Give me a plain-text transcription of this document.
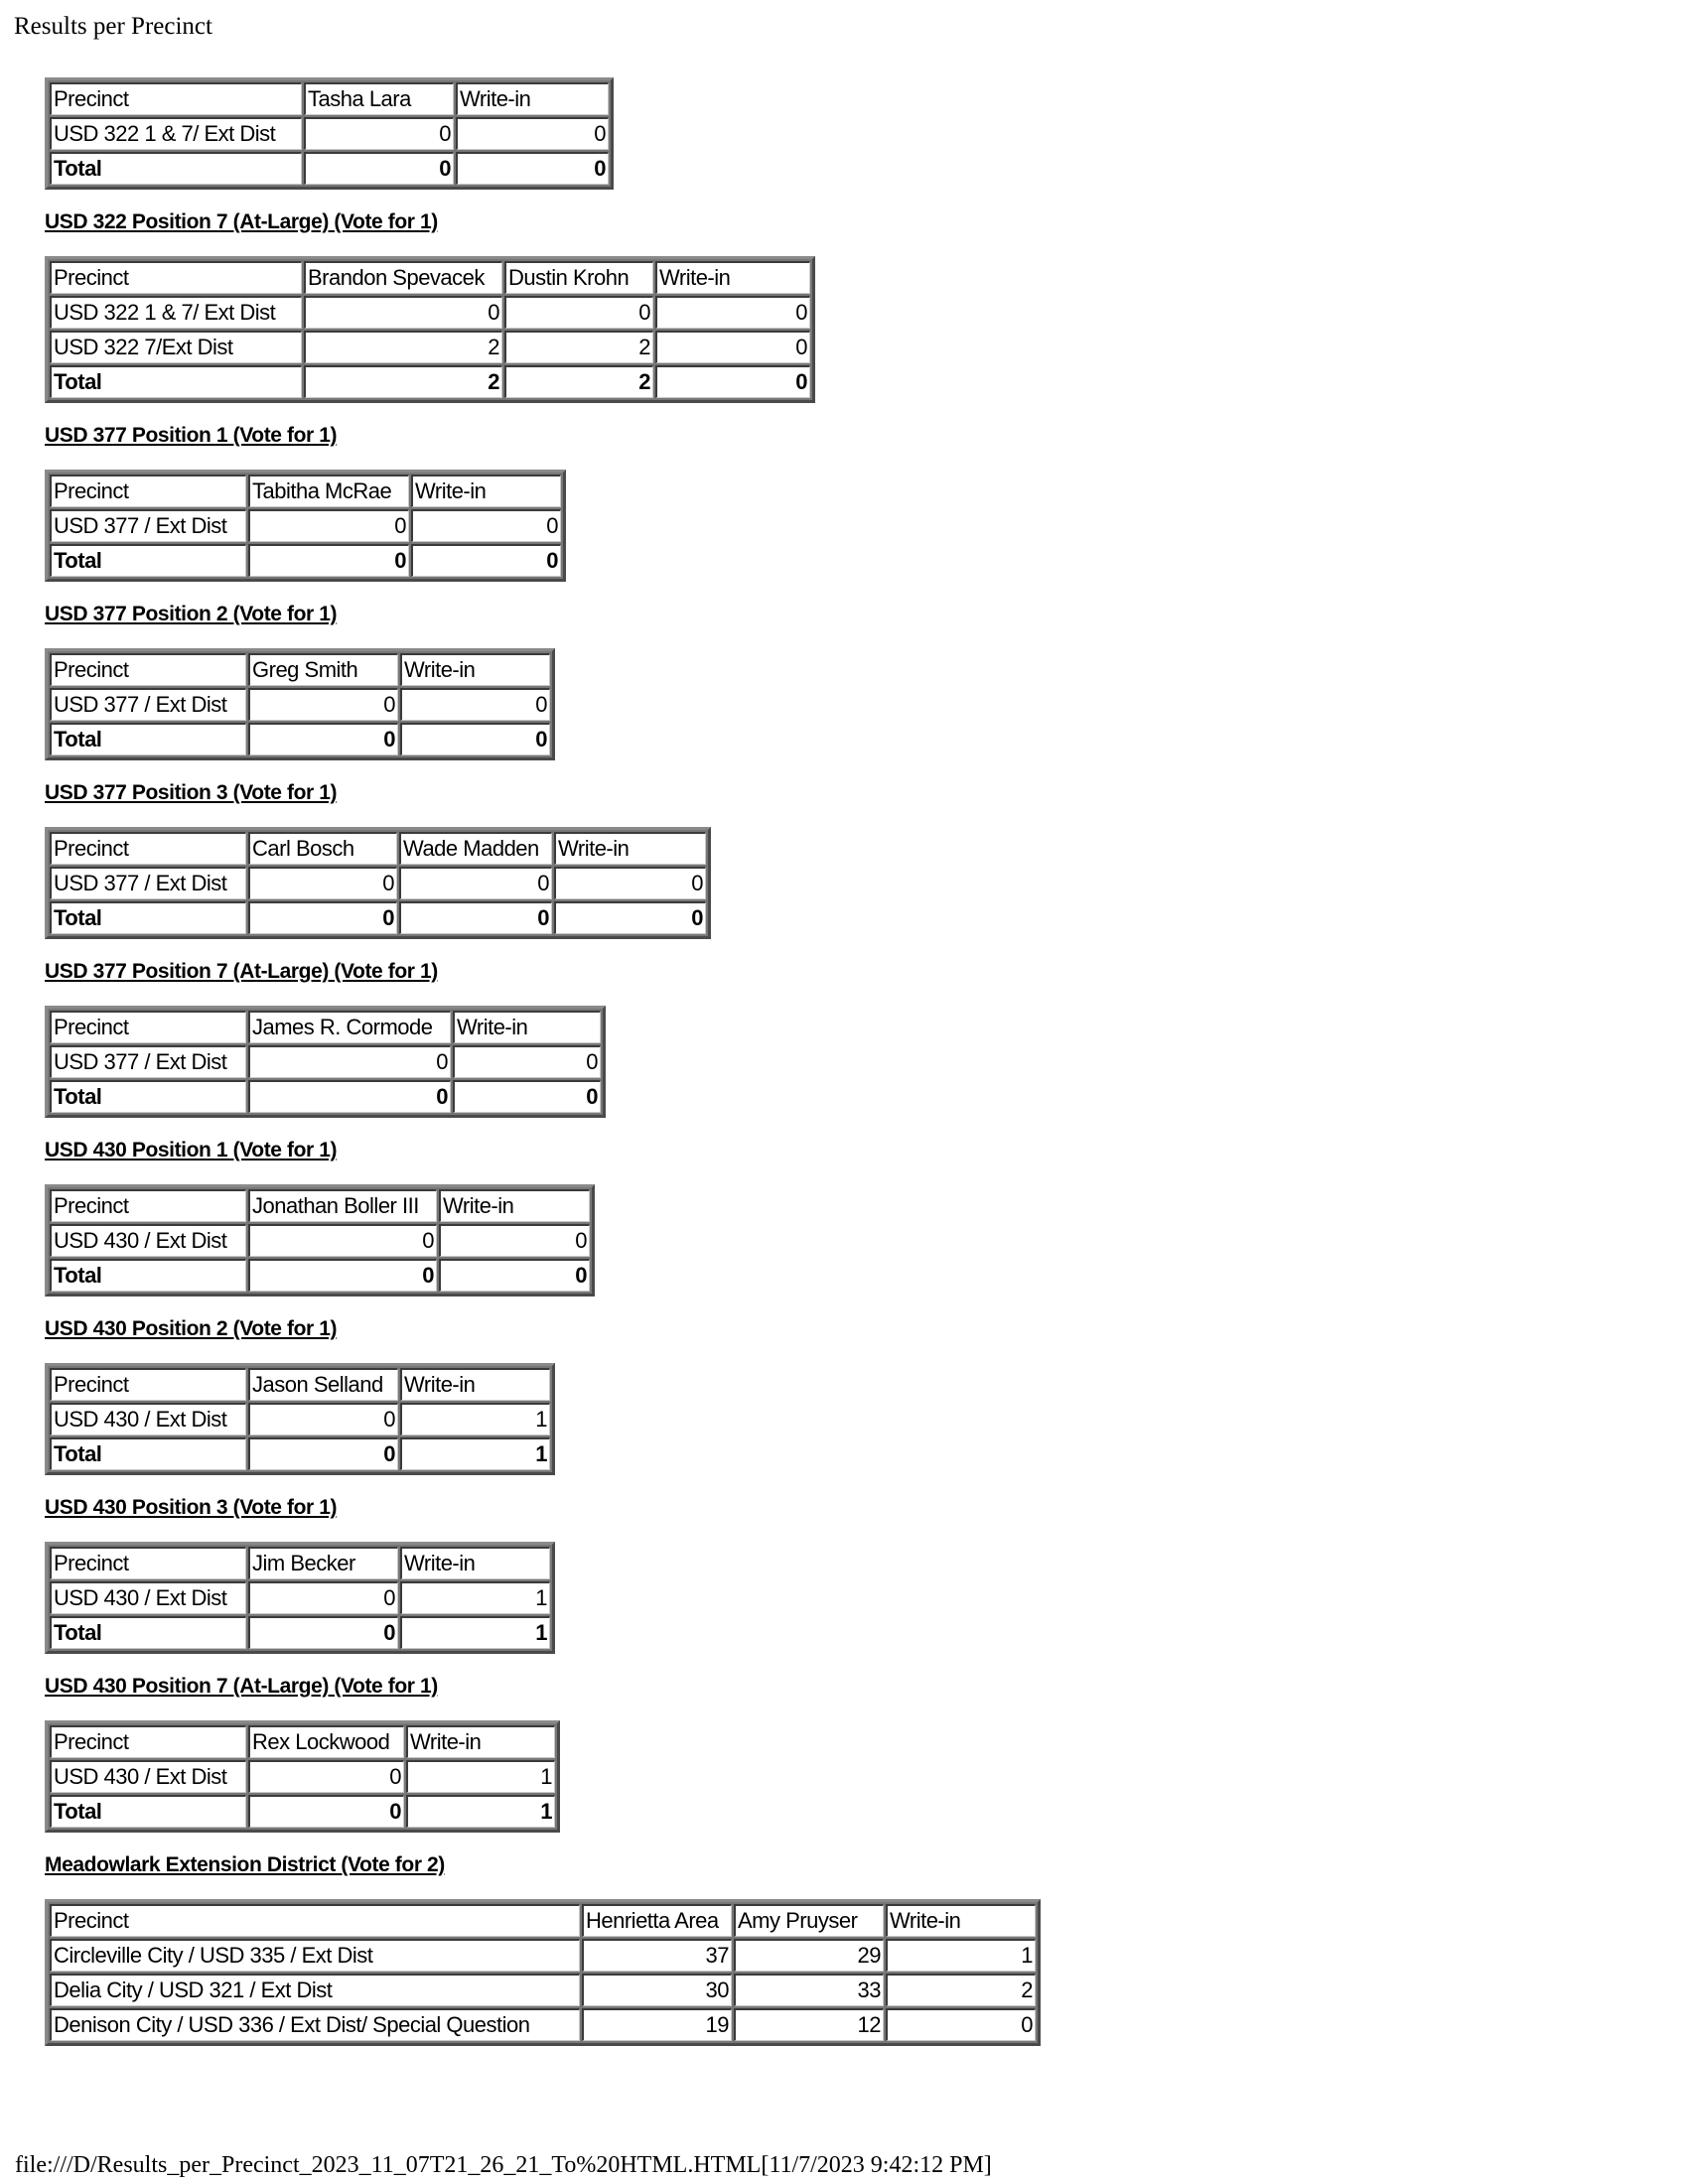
Results per Precinct
Precinct	Tasha Lara	Write-in
USD 322 1 & 7/ Ext Dist	0	0
Total	0	0
USD 322 Position 7 (At-Large) (Vote for 1)
Precinct	Brandon Spevacek	Dustin Krohn	Write-in
USD 322 1 & 7/ Ext Dist	0	0	0
USD 322 7/Ext Dist	2	2	0
Total	2	2	0
USD 377 Position 1 (Vote for 1)
Precinct	Tabitha McRae	Write-in
USD 377 / Ext Dist	0	0
Total	0	0
USD 377 Position 2 (Vote for 1)
Precinct	Greg Smith	Write-in
USD 377 / Ext Dist	0	0
Total	0	0
USD 377 Position 3 (Vote for 1)
Precinct	Carl Bosch	Wade Madden	Write-in
USD 377 / Ext Dist	0	0	0
Total	0	0	0
USD 377 Position 7 (At-Large) (Vote for 1)
Precinct	James R. Cormode	Write-in
USD 377 / Ext Dist	0	0
Total	0	0
USD 430 Position 1 (Vote for 1)
Precinct	Jonathan Boller III	Write-in
USD 430 / Ext Dist	0	0
Total	0	0
USD 430 Position 2 (Vote for 1)
Precinct	Jason Selland	Write-in
USD 430 / Ext Dist	0	1
Total	0	1
USD 430 Position 3 (Vote for 1)
Precinct	Jim Becker	Write-in
USD 430 / Ext Dist	0	1
Total	0	1
USD 430 Position 7 (At-Large) (Vote for 1)
Precinct	Rex Lockwood	Write-in
USD 430 / Ext Dist	0	1
Total	0	1
Meadowlark Extension District (Vote for 2)
Precinct	Henrietta Area	Amy Pruyser	Write-in
Circleville City / USD 335 / Ext Dist	37	29	1
Delia City / USD 321 / Ext Dist	30	33	2
Denison City / USD 336 / Ext Dist/ Special Question	19	12	0
file:///D/Results_per_Precinct_2023_11_07T21_26_21_To%20HTML.HTML[11/7/2023 9:42:12 PM]
